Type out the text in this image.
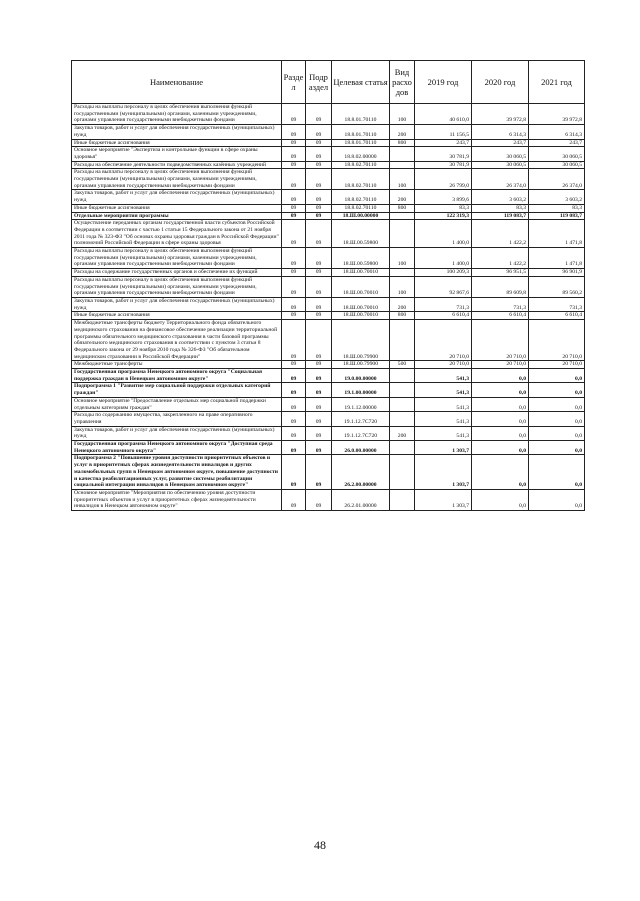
Наименование	Разде л	Подр аздел	Целевая статья	Вид расхо дов	2019 год	2020 год	2021 год
Расходы на выплаты персоналу в целях обеспечения выполнения функций государственными (муниципальными) органами, казенными учреждениями, органами управления государственными внебюджетными фондами	09	09	18.8.01.70110	100	40 610,0	39 972,8	39 972,8
Закупка товаров, работ и услуг для обеспечения государственных (муниципальных) нужд	09	09	18.8.01.70110	200	11 156,5	6 314,3	6 314,3
Иные бюджетные ассигнования	09	09	18.8.01.70110	800	243,7	243,7	243,7
Основное мероприятие "Экспертиза и контрольные функции в сфере охраны здоровья"	09	09	18.8.02.00000		30 781,9	30 060,5	30 060,5
Расходы на обеспечение деятельности подведомственных казённых учреждений	09	09	18.8.02.70110		30 781,9	30 060,5	30 060,5
Расходы на выплаты персоналу в целях обеспечения выполнения функций государственными (муниципальными) органами, казенными учреждениями, органами управления государственными внебюджетными фондами	09	09	18.8.02.70110	100	26 799,0	26 374,0	26 374,0
Закупка товаров, работ и услуг для обеспечения государственных (муниципальных) нужд	09	09	18.8.02.70110	200	3 899,6	3 603,2	3 603,2
Иные бюджетные ассигнования	09	09	18.8.02.70110	800	83,3	83,3	83,3
Отдельные мероприятия программы	09	09	18.Ш.00.00000		122 319,3	119 083,7	119 083,7
Осуществление переданных органам государственной власти субъектов Российской Федерации в соответствии с частью 1 статьи 15 Федерального закона от 21 ноября 2011 года № 323-ФЗ "Об основах охраны здоровья граждан в Российской Федерации" полномочий Российской Федерации в сфере охраны здоровья	09	09	18.Ш.00.59800		1 400,0	1 422,2	1 471,8
Расходы на выплаты персоналу в целях обеспечения выполнения функций государственными (муниципальными) органами, казенными учреждениями, органами управления государственными внебюджетными фондами	09	09	18.Ш.00.59800	100	1 400,0	1 422,2	1 471,8
Расходы на содержание государственных органов и обеспечение их функций	09	09	18.Ш.00.70010		100 209,3	96 951,5	96 901,9
Расходы на выплаты персоналу в целях обеспечения выполнения функций государственными (муниципальными) органами, казенными учреждениями, органами управления государственными внебюджетными фондами	09	09	18.Ш.00.70010	100	92 867,6	89 609,8	89 560,2
Закупка товаров, работ и услуг для обеспечения государственных (муниципальных) нужд	09	09	18.Ш.00.70010	200	731,3	731,3	731,3
Иные бюджетные ассигнования	09	09	18.Ш.00.70010	800	6 610,4	6 610,4	6 610,4
Межбюджетные трансферты бюджету Территориального фонда обязательного медицинского страхования на финансовое обеспечение реализации территориальной программы обязательного медицинского страхования в части базовой программы обязательного медицинского страхования в соответствии с пунктом 3 статьи 8 Федерального закона от 29 ноября 2010 года № 326-ФЗ "Об обязательном медицинском страховании в Российской Федерации"	09	09	18.Ш.00.79900		20 710,0	20 710,0	20 710,0
Межбюджетные трансферты	09	09	18.Ш.00.79900	500	20 710,0	20 710,0	20 710,0
Государственная программа Ненецкого автономного округа "Социальная поддержка граждан в Ненецком автономном округе"	09	09	19.0.00.00000		541,3	0,0	0,0
Подпрограмма 1 "Развитие мер социальной поддержки отдельных категорий граждан"	09	09	19.1.00.00000		541,3	0,0	0,0
Основное мероприятие "Предоставление отдельных мер социальной поддержки отдельным категориям граждан"	09	09	19.1.12.00000		541,3	0,0	0,0
Расходы по содержанию имущества, закрепленного на праве оперативного управления	09	09	19.1.12.7С720		541,3	0,0	0,0
Закупка товаров, работ и услуг для обеспечения государственных (муниципальных) нужд	09	09	19.1.12.7С720	200	541,3	0,0	0,0
Государственная программа Ненецкого автономного округа "Доступная среда Ненецкого автономного округа"	09	09	26.0.00.00000		1 303,7	0,0	0,0
Подпрограмма 2 "Повышение уровня доступности приоритетных объектов и услуг в приоритетных сферах жизнедеятельности инвалидов и других маломобильных групп в Ненецком автономном округе, повышение доступности и качества реабилитационных услуг, развитие системы реабилитации социальной интеграции инвалидов в Ненецком автономном округе"	09	09	26.2.00.00000		1 303,7	0,0	0,0
Основное мероприятие "Мероприятия по обеспечению уровня доступности приоритетных объектов и услуг в приоритетных сферах жизнедеятельности инвалидов в Ненецком автономном округе"	09	09	26.2.01.00000		1 303,7	0,0	0,0
48
